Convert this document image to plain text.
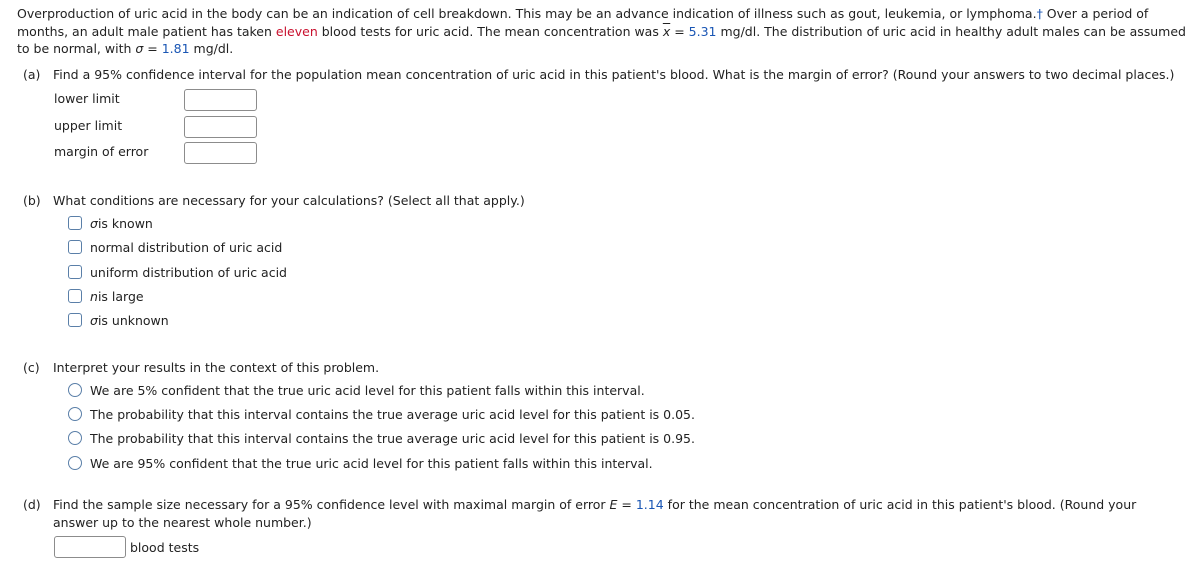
Overproduction of uric acid in the body can be an indication of cell breakdown. This may be an advance indication of illness such as gout, leukemia, or lymphoma.† Over a period of months, an adult male patient has taken eleven blood tests for uric acid. The mean concentration was $\overline{x} = 5.31$ mg/dl. The distribution of uric acid in healthy adult males can be assumed to be normal, with σ = 1.81 mg/dl.
(a) Find a 95% confidence interval for the population mean concentration of uric acid in this patient's blood. What is the margin of error? (Round your answers to two decimal places.)
lower limit
upper limit
margin of error
(b) What conditions are necessary for your calculations? (Select all that apply.)
σ is known
normal distribution of uric acid
uniform distribution of uric acid
n is large
σ is unknown
(c) Interpret your results in the context of this problem.
We are 5% confident that the true uric acid level for this patient falls within this interval.
The probability that this interval contains the true average uric acid level for this patient is 0.05.
The probability that this interval contains the true average uric acid level for this patient is 0.95.
We are 95% confident that the true uric acid level for this patient falls within this interval.
(d) Find the sample size necessary for a 95% confidence level with maximal margin of error E = 1.14 for the mean concentration of uric acid in this patient's blood. (Round your answer up to the nearest whole number.)
blood tests
